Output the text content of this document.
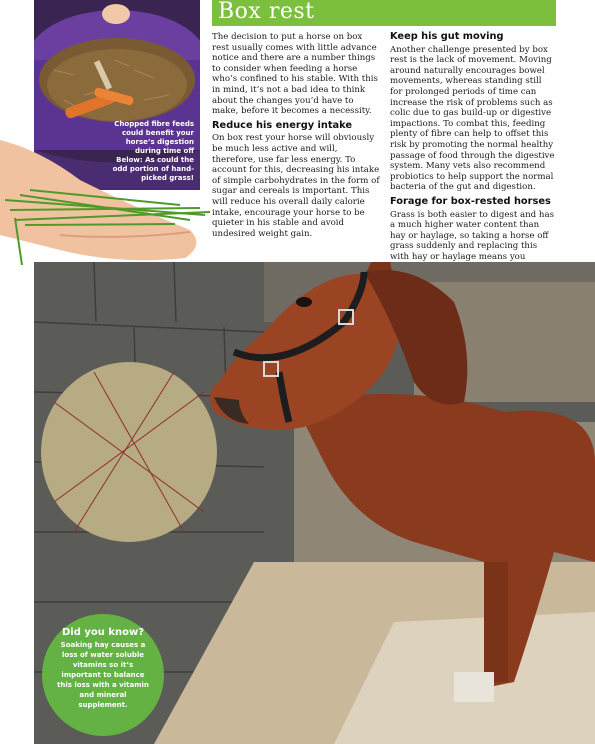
Chopped fibre feeds could benefit your horse’s digestion during time off Below: As could the odd portion of hand-picked grass!
Box rest

The decision to put a horse on box rest usually comes with little advance notice and there are a number things to consider when feeding a horse who’s confined to his stable. With this in mind, it’s not a bad idea to think about the changes you’d have to make, before it becomes a necessity.

Reduce his energy intake

On box rest your horse will obviously be much less active and will, therefore, use far less energy. To account for this, decreasing his intake of simple carbohydrates in the form of sugar and cereals is important. This will reduce his overall daily calorie intake, encourage your horse to be quieter in his stable and avoid undesired weight gain.

Keep his gut moving

Another challenge presented by box rest is the lack of movement. Moving around naturally encourages bowel movements, whereas standing still for prolonged periods of time can increase the risk of problems such as colic due to gas build-up or digestive impactions. To combat this, feeding plenty of fibre can help to offset this risk by promoting the normal healthy passage of food through the digestive system. Many vets also recommend probiotics to help support the normal bacteria of the gut and digestion.

Forage for box-rested horses

Grass is both easier to digest and has a much higher water content than hay or haylage, so taking a horse off grass suddenly and replacing this with hay or haylage means you

Did you know?
Soaking hay causes a loss of water soluble vitamins so it’s important to balance this loss with a vitamin and mineral supplement.
